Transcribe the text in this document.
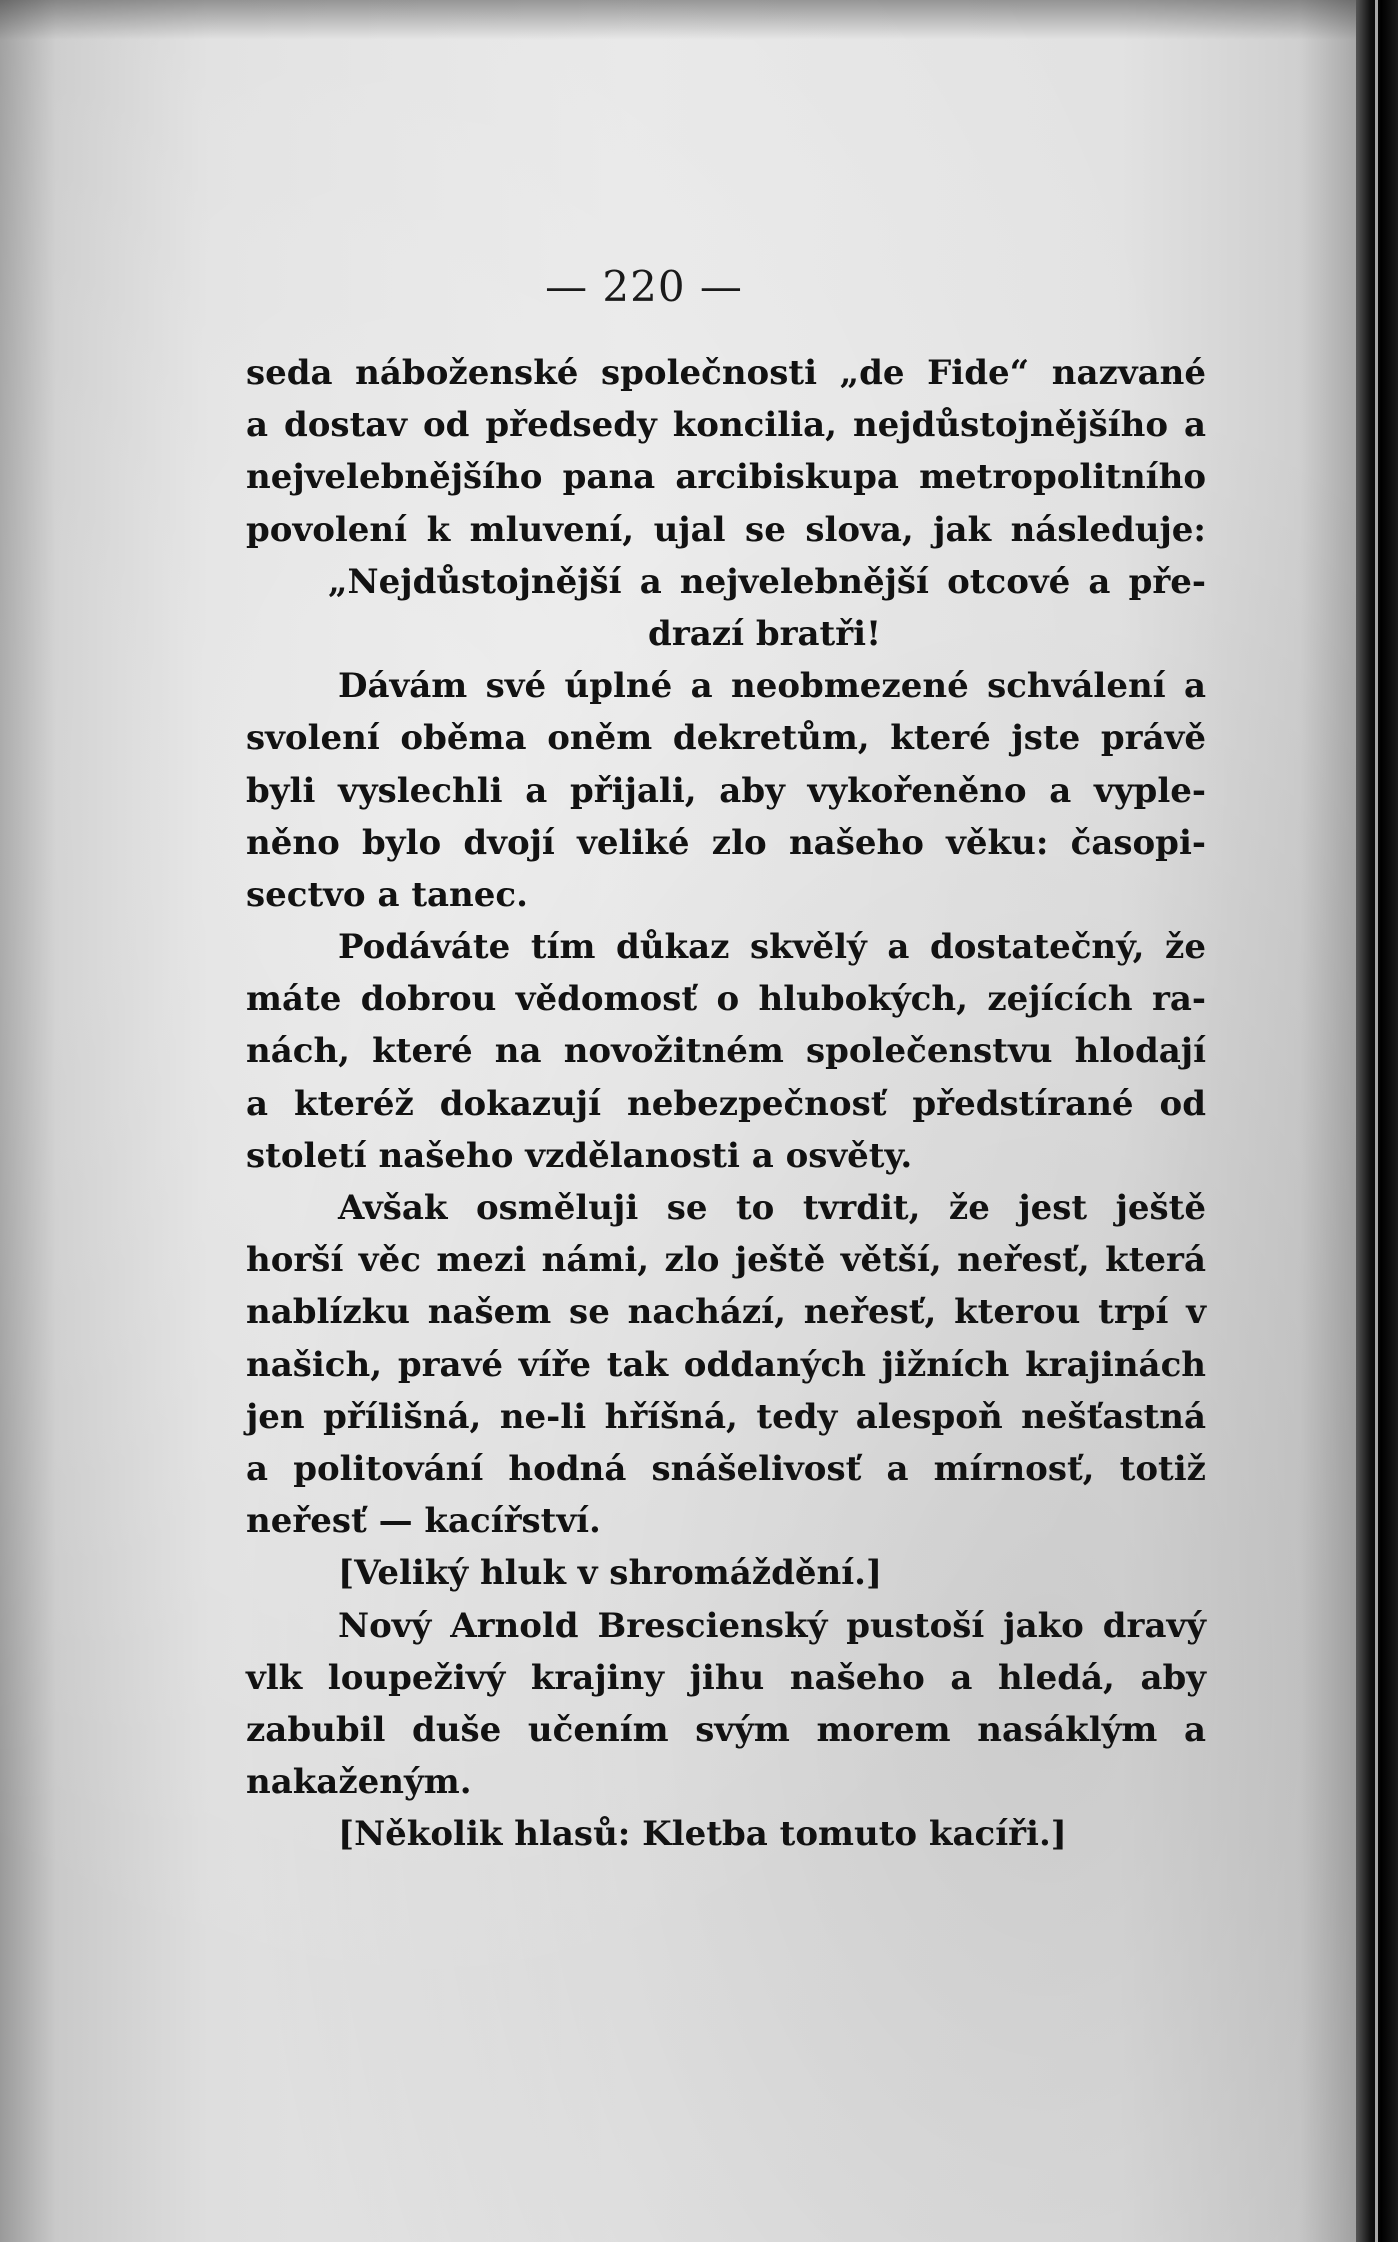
— 220 —
seda náboženské společnosti „de Fide“ nazvané
a dostav od předsedy koncilia, nejdůstojnějšího a
nejvelebnějšího pana arcibiskupa metropolitního
povolení k mluvení, ujal se slova, jak následuje:
„Nejdůstojnější a nejvelebnější otcové a pře-
drazí bratři!
Dávám své úplné a neobmezené schválení a
svolení oběma oněm dekretům, které jste právě
byli vyslechli a přijali, aby vykořeněno a vyple-
něno bylo dvojí veliké zlo našeho věku: časopi-
sectvo a tanec.
Podáváte tím důkaz skvělý a dostatečný, že
máte dobrou vědomosť o hlubokých, zejících ra-
nách, které na novožitném společenstvu hlodají
a kteréž dokazují nebezpečnosť předstírané od
století našeho vzdělanosti a osvěty.
Avšak osměluji se to tvrdit, že jest ještě
horší věc mezi námi, zlo ještě větší, neřesť, která
nablízku našem se nachází, neřesť, kterou trpí v
našich, pravé víře tak oddaných jižních krajinách
jen přílišná, ne-li hříšná, tedy alespoň nešťastná
a politování hodná snášelivosť a mírnosť, totiž
neřesť — kacířství.
[Veliký hluk v shromáždění.]
Nový Arnold Brescienský pustoší jako dravý
vlk loupeživý krajiny jihu našeho a hledá, aby
zabubil duše učením svým morem nasáklým a
nakaženým.
[Několik hlasů: Kletba tomuto kacíři.]
